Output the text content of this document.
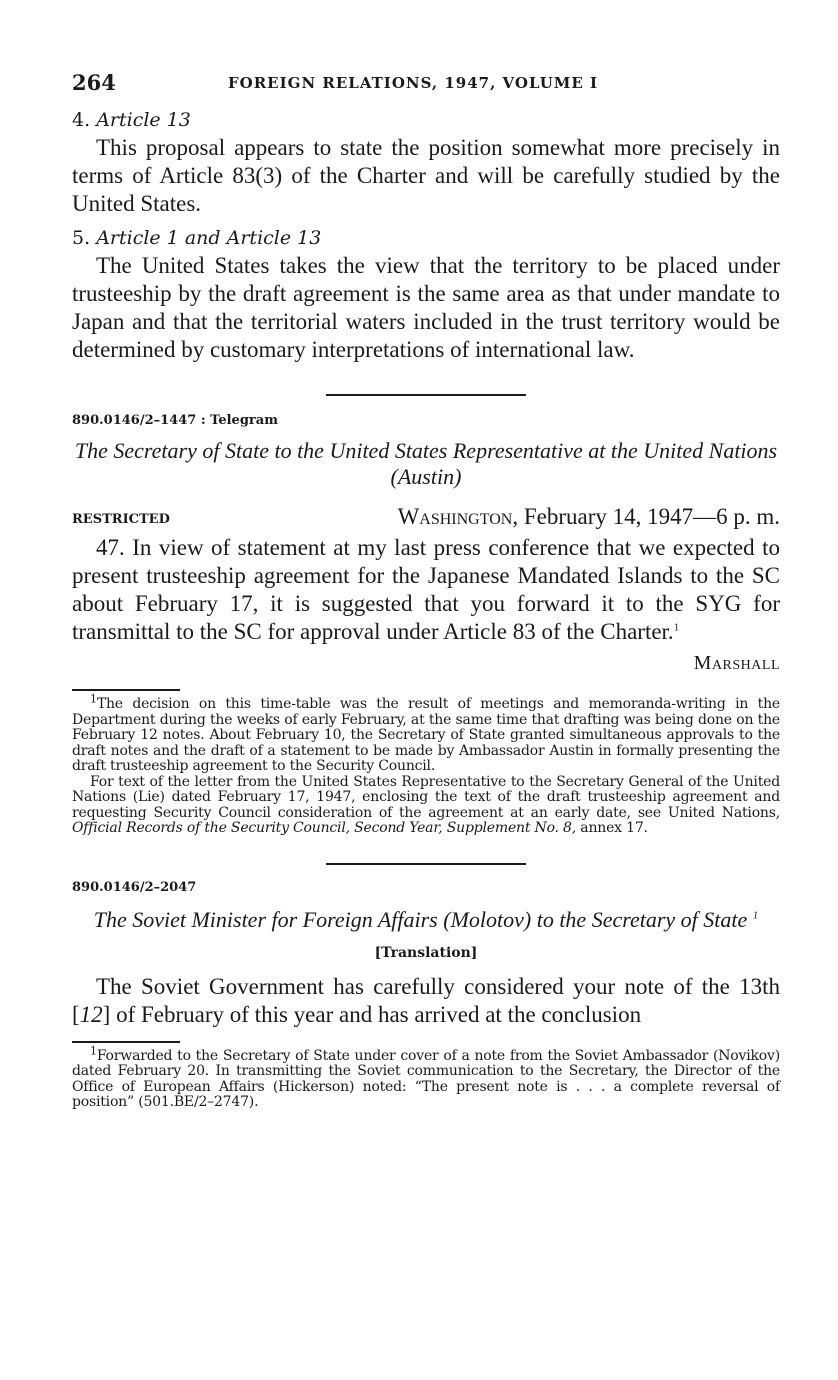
264	FOREIGN RELATIONS, 1947, VOLUME I

4. Article 13

This proposal appears to state the position somewhat more precisely in terms of Article 83(3) of the Charter and will be carefully studied by the United States.

5. Article 1 and Article 13

The United States takes the view that the territory to be placed under trusteeship by the draft agreement is the same area as that under mandate to Japan and that the territorial waters included in the trust territory would be determined by customary interpretations of international law.

890.0146/2–1447 : Telegram

The Secretary of State to the United States Representative at the United Nations (Austin)

RESTRICTED	Washington, February 14, 1947—6 p. m.

47. In view of statement at my last press conference that we expected to present trusteeship agreement for the Japanese Mandated Islands to the SC about February 17, it is suggested that you forward it to the SYG for transmittal to the SC for approval under Article 83 of the Charter.$^1$

Marshall

$^1$The decision on this time-table was the result of meetings and memoranda-writing in the Department during the weeks of early February, at the same time that drafting was being done on the February 12 notes. About February 10, the Secretary of State granted simultaneous approvals to the draft notes and the draft of a statement to be made by Ambassador Austin in formally presenting the draft trusteeship agreement to the Security Council.

For text of the letter from the United States Representative to the Secretary General of the United Nations (Lie) dated February 17, 1947, enclosing the text of the draft trusteeship agreement and requesting Security Council consideration of the agreement at an early date, see United Nations, Official Records of the Security Council, Second Year, Supplement No. 8, annex 17.

890.0146/2–2047

The Soviet Minister for Foreign Affairs (Molotov) to the Secretary of State $^1$

[Translation]

The Soviet Government has carefully considered your note of the 13th [12] of February of this year and has arrived at the conclusion

$^1$Forwarded to the Secretary of State under cover of a note from the Soviet Ambassador (Novikov) dated February 20. In transmitting the Soviet communication to the Secretary, the Director of the Office of European Affairs (Hickerson) noted: “The present note is . . . a complete reversal of position” (501.BE/2–2747).
